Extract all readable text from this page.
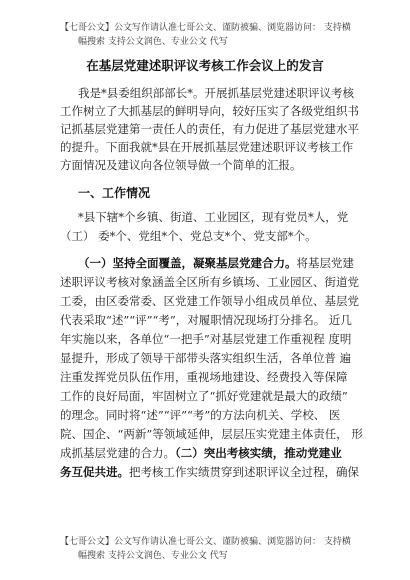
【七哥公文】公文写作请认准七哥公文、谨防被骗、浏览器访问： 支持横
幅搜索 支持公文润色、专业公文 代写
在基层党建述职评议考核工作会议上的发言
我是*县委组织部部长*。开展抓基层党建述职评议考核
工作树立了大抓基层的鲜明导向，较好压实了各级党组织书
记抓基层党建第一责任人的责任，有力促进了基层党建水平
的提升。下面我就*县在开展抓基层党建述职评议考核工作
方面情况及建议向各位领导做一个简单的汇报。
一、工作情况
*县下辖*个乡镇、街道、工业园区，现有党员*人，党
（工） 委*个、党组*个、党总支*个、党支部*个。
（一）坚持全面覆盖，凝聚基层党建合力。将基层党建
述职评议考核对象涵盖全区所有乡镇场、工业园区、街道党
工委，由区委常委、区党建工作领导小组成员单位、基层党
代表采取“述”“评”“考”，对履职情况现场打分排名。 近几
年实施以来，各单位“一把手”对基层党建工作重视程 度明
显提升，形成了领导干部带头落实组织生活，各单位普 遍
注重发挥党员队伍作用，重视场地建设、经费投入等保障
工作的良好局面，牢固树立了“抓好党建就是最大的政绩”
的理念。同时将“述”“评”“考”的方法向机关、学校、 医
院、国企、“两新”等领域延伸，层层压实党建主体责任， 形
成抓基层党建的合力。（二）突出考核实绩，推动党建业
务互促共进。把考核工作实绩贯穿到述职评议全过程，确保
【七哥公文】公文写作请认准七哥公文、谨防被骗、浏览器访问： 支持横
幅搜索 支持公文润色、专业公文 代写
